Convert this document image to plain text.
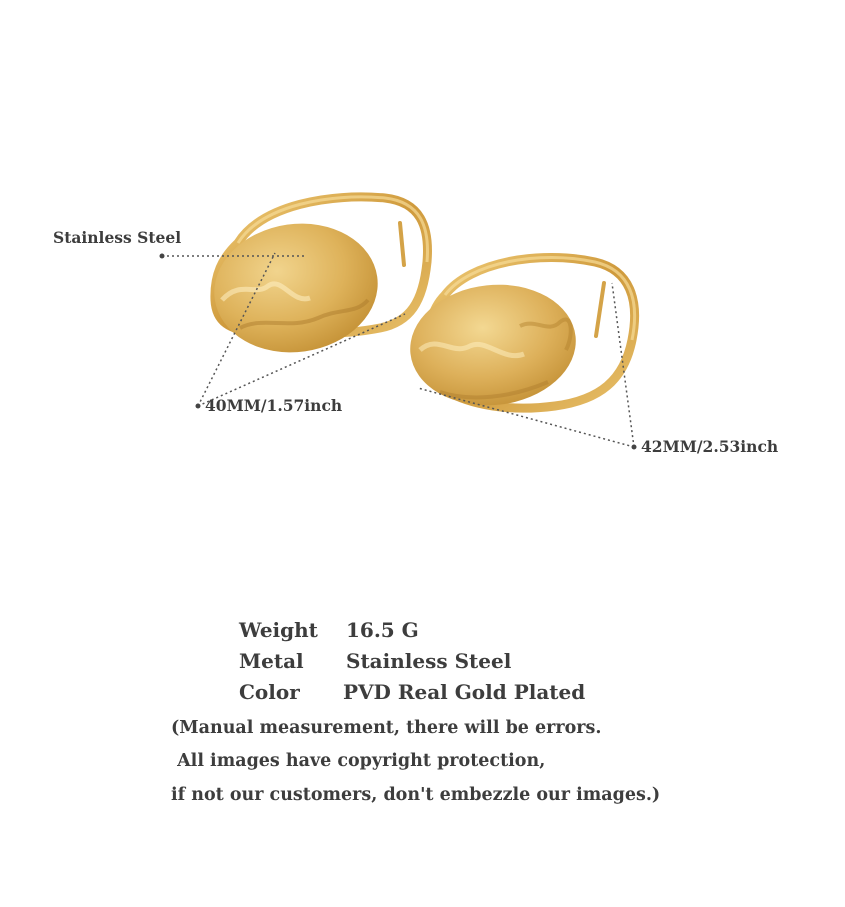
Stainless Steel
40MM/1.57inch
42MM/2.53inch
Weight 16.5 G
Metal Stainless Steel
Color PVD Real Gold Plated
(Manual measurement, there will be errors.
All images have copyright protection,
if not our customers, don't embezzle our images.)
